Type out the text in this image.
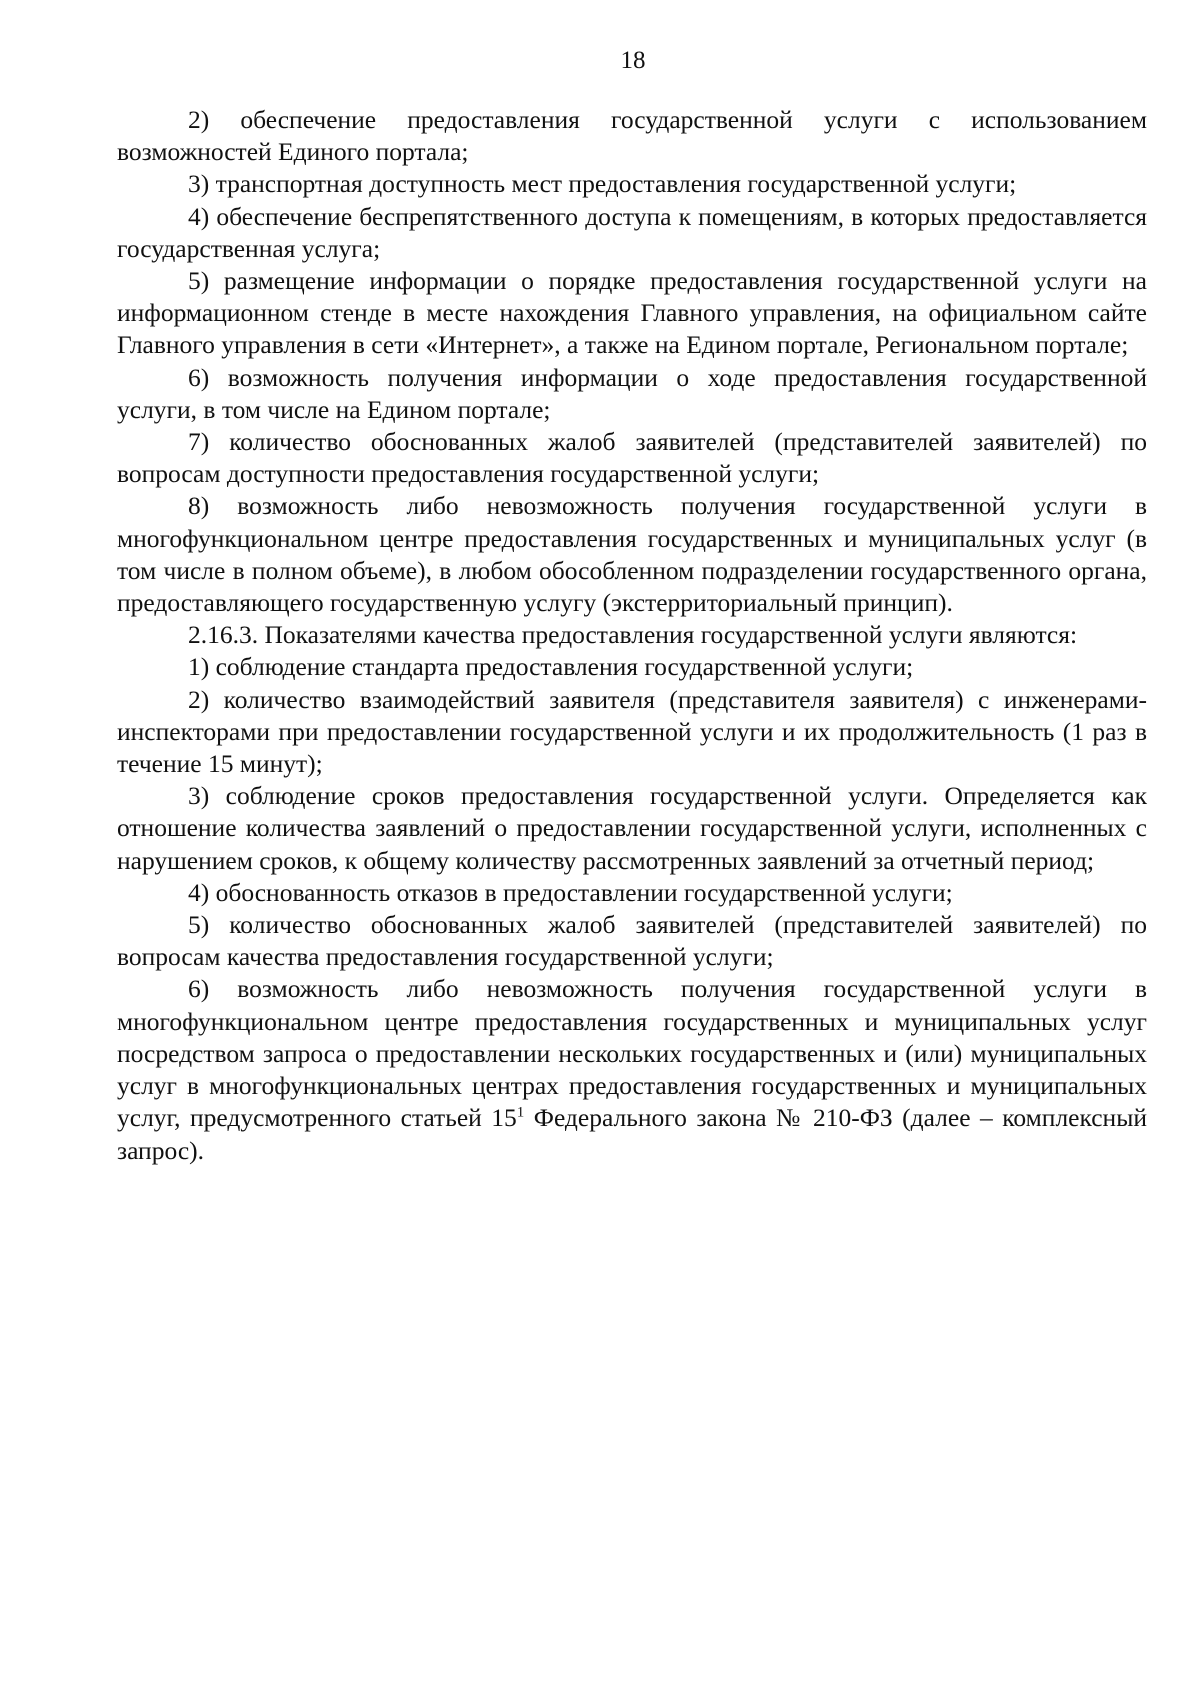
18

2) обеспечение предоставления государственной услуги с использованием возможностей Единого портала;

3) транспортная доступность мест предоставления государственной услуги;

4) обеспечение беспрепятственного доступа к помещениям, в которых предоставляется государственная услуга;

5) размещение информации о порядке предоставления государственной услуги на информационном стенде в месте нахождения Главного управления, на официальном сайте Главного управления в сети «Интернет», а также на Едином портале, Региональном портале;

6) возможность получения информации о ходе предоставления государственной услуги, в том числе на Едином портале;

7) количество обоснованных жалоб заявителей (представителей заявителей) по вопросам доступности предоставления государственной услуги;

8) возможность либо невозможность получения государственной услуги в многофункциональном центре предоставления государственных и муниципальных услуг (в том числе в полном объеме), в любом обособленном подразделении государственного органа, предоставляющего государственную услугу (экстерриториальный принцип).

2.16.3. Показателями качества предоставления государственной услуги являются:

1) соблюдение стандарта предоставления государственной услуги;

2) количество взаимодействий заявителя (представителя заявителя) с инженерами-инспекторами при предоставлении государственной услуги и их продолжительность (1 раз в течение 15 минут);

3) соблюдение сроков предоставления государственной услуги. Определяется как отношение количества заявлений о предоставлении государственной услуги, исполненных с нарушением сроков, к общему количеству рассмотренных заявлений за отчетный период;

4) обоснованность отказов в предоставлении государственной услуги;

5) количество обоснованных жалоб заявителей (представителей заявителей) по вопросам качества предоставления государственной услуги;

6) возможность либо невозможность получения государственной услуги в многофункциональном центре предоставления государственных и муниципальных услуг посредством запроса о предоставлении нескольких государственных и (или) муниципальных услуг в многофункциональных центрах предоставления государственных и муниципальных услуг, предусмотренного статьей $15^1$ Федерального закона № 210-ФЗ (далее – комплексный запрос).
